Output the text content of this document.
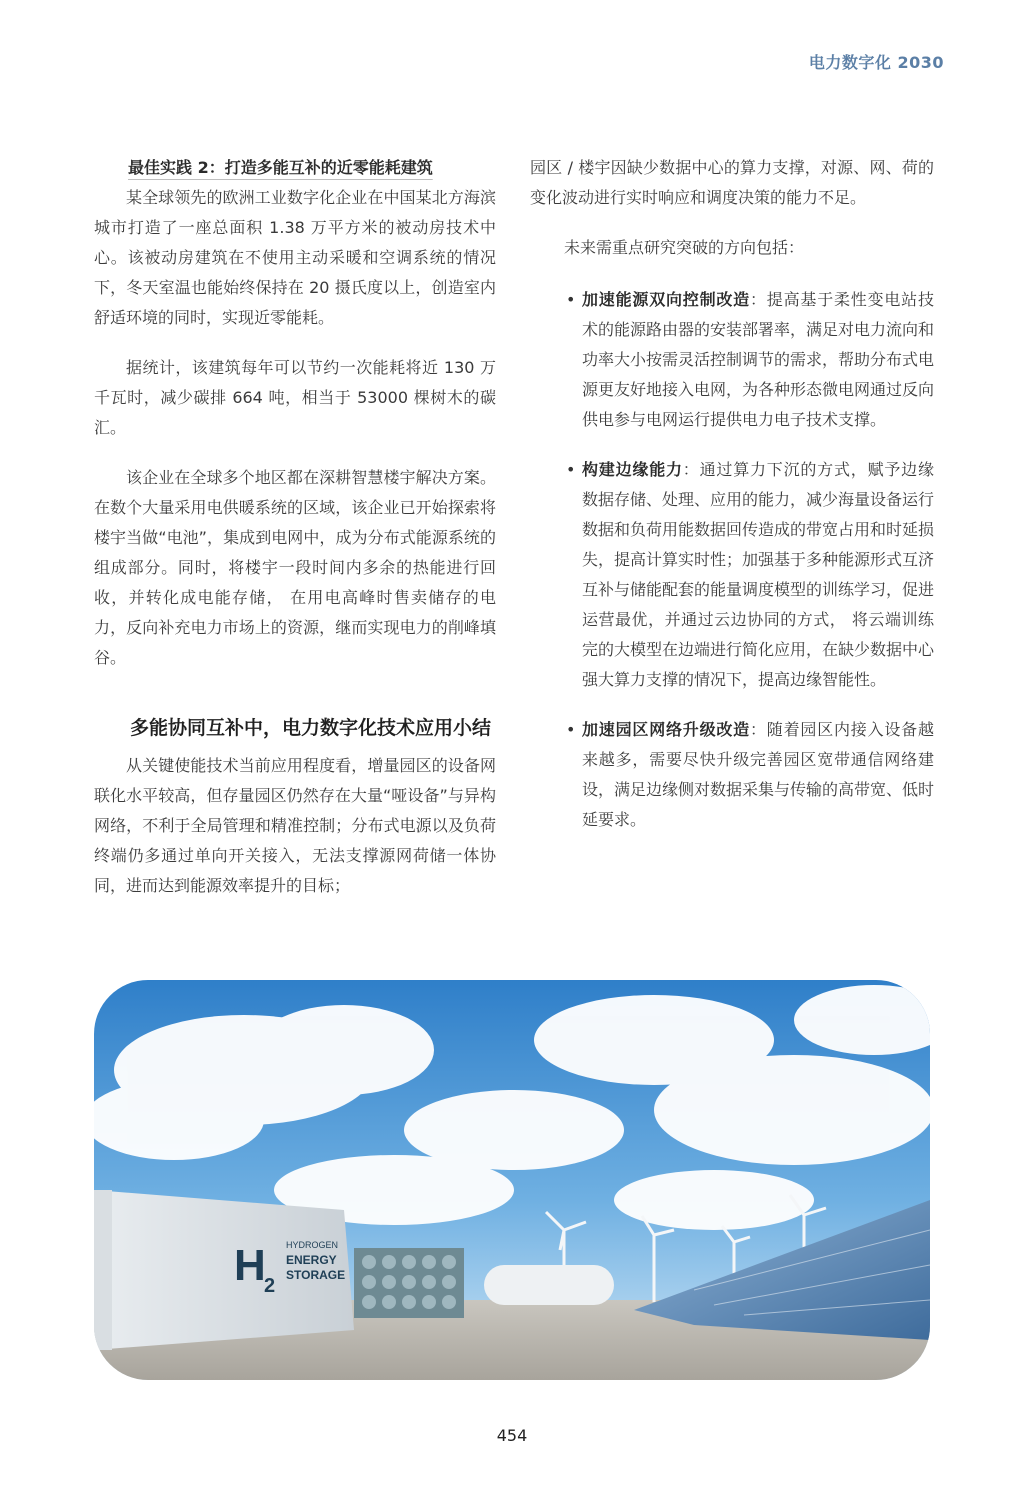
电力数字化 2030

最佳实践 2：打造多能互补的近零能耗建筑

某全球领先的欧洲工业数字化企业在中国某北方海滨城市打造了一座总面积 1.38 万平方米的被动房技术中心。该被动房建筑在不使用主动采暖和空调系统的情况下，冬天室温也能始终保持在 20 摄氏度以上，创造室内舒适环境的同时，实现近零能耗。

据统计，该建筑每年可以节约一次能耗将近 130 万千瓦时，减少碳排 664 吨，相当于 53000 棵树木的碳汇。

该企业在全球多个地区都在深耕智慧楼宇解决方案。在数个大量采用电供暖系统的区域，该企业已开始探索将楼宇当做“电池”，集成到电网中，成为分布式能源系统的组成部分。同时，将楼宇一段时间内多余的热能进行回收，并转化成电能存储， 在用电高峰时售卖储存的电力，反向补充电力市场上的资源，继而实现电力的削峰填谷。

多能协同互补中，电力数字化技术应用小结

从关键使能技术当前应用程度看，增量园区的设备网联化水平较高，但存量园区仍然存在大量“哑设备”与异构网络，不利于全局管理和精准控制；分布式电源以及负荷终端仍多通过单向开关接入，无法支撑源网荷储一体协同，进而达到能源效率提升的目标；

园区 / 楼宇因缺少数据中心的算力支撑，对源、网、荷的变化波动进行实时响应和调度决策的能力不足。

未来需重点研究突破的方向包括：

• 加速能源双向控制改造：提高基于柔性变电站技术的能源路由器的安装部署率，满足对电力流向和功率大小按需灵活控制调节的需求，帮助分布式电源更友好地接入电网，为各种形态微电网通过反向供电参与电网运行提供电力电子技术支撑。
• 构建边缘能力：通过算力下沉的方式，赋予边缘数据存储、处理、应用的能力，减少海量设备运行数据和负荷用能数据回传造成的带宽占用和时延损失，提高计算实时性；加强基于多种能源形式互济互补与储能配套的能量调度模型的训练学习，促进运营最优，并通过云边协同的方式， 将云端训练完的大模型在边端进行简化应用，在缺少数据中心强大算力支撑的情况下，提高边缘智能性。
• 加速园区网络升级改造：随着园区内接入设备越来越多，需要尽快升级完善园区宽带通信网络建设，满足边缘侧对数据采集与传输的高带宽、低时延要求。
H
2
HYDROGEN
ENERGY
STORAGE
454
